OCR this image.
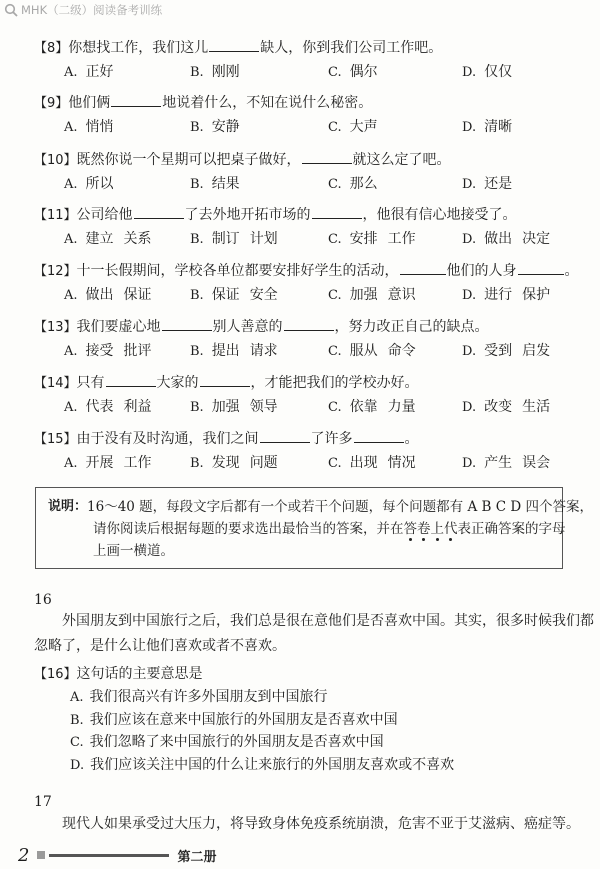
MHK（二级）阅读备考训练
【8】你想找工作，我们这儿	缺人，你到我们公司工作吧。
A. 正好	B. 刚刚	C. 偶尔	D. 仅仅
【9】他们俩	地说着什么，不知在说什么秘密。
A. 悄悄	B. 安静	C. 大声	D. 清晰
【10】既然你说一个星期可以把桌子做好，	就这么定了吧。
A. 所以	B. 结果	C. 那么	D. 还是
【11】公司给他	了去外地开拓市场的	，他很有信心地接受了。
A. 建立 关系	B. 制订 计划	C. 安排 工作	D. 做出 决定
【12】十一长假期间，学校各单位都要安排好学生的活动，	他们的人身	。
A. 做出 保证	B. 保证 安全	C. 加强 意识	D. 进行 保护
【13】我们要虚心地	别人善意的	，努力改正自己的缺点。
A. 接受 批评	B. 提出 请求	C. 服从 命令	D. 受到 启发
【14】只有	大家的	，才能把我们的学校办好。
A. 代表 利益	B. 加强 领导	C. 依靠 力量	D. 改变 生活
【15】由于没有及时沟通，我们之间	了许多	。
A. 开展 工作	B. 发现 问题	C. 出现 情况	D. 产生 误会
说明： 16～40 题，每段文字后都有一个或若干个问题，每个问题都有 A B C D 四个答案，
请你阅读后根据每题的要求选出最恰当的答案，并在答卷上代表正确答案的字母
上画一横道。
16
外国朋友到中国旅行之后，我们总是很在意他们是否喜欢中国。其实，很多时候我们都
忽略了，是什么让他们喜欢或者不喜欢。
【16】这句话的主要意思是
A. 我们很高兴有许多外国朋友到中国旅行
B. 我们应该在意来中国旅行的外国朋友是否喜欢中国
C. 我们忽略了来中国旅行的外国朋友是否喜欢中国
D. 我们应该关注中国的什么让来旅行的外国朋友喜欢或不喜欢
17
现代人如果承受过大压力，将导致身体免疫系统崩溃，危害不亚于艾滋病、癌症等。
2	第二册
